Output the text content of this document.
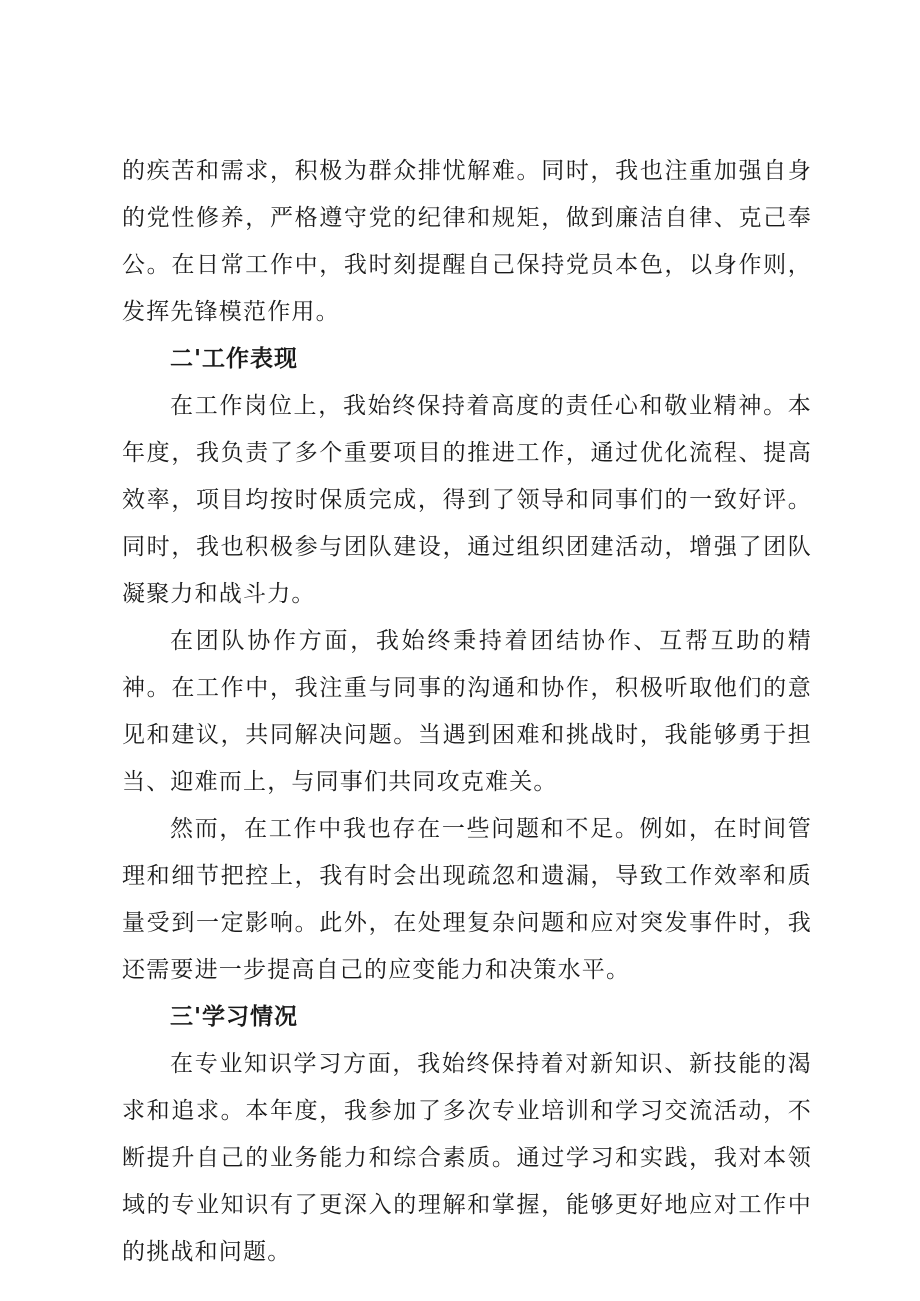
的疾苦和需求，积极为群众排忧解难。同时，我也注重加强自身的党性修养，严格遵守党的纪律和规矩，做到廉洁自律、克己奉公。在日常工作中，我时刻提醒自己保持党员本色，以身作则，发挥先锋模范作用。

二'工作表现

在工作岗位上，我始终保持着高度的责任心和敬业精神。本年度，我负责了多个重要项目的推进工作，通过优化流程、提高效率，项目均按时保质完成，得到了领导和同事们的一致好评。同时，我也积极参与团队建设，通过组织团建活动，增强了团队凝聚力和战斗力。

在团队协作方面，我始终秉持着团结协作、互帮互助的精神。在工作中，我注重与同事的沟通和协作，积极听取他们的意见和建议，共同解决问题。当遇到困难和挑战时，我能够勇于担当、迎难而上，与同事们共同攻克难关。

然而，在工作中我也存在一些问题和不足。例如，在时间管理和细节把控上，我有时会出现疏忽和遗漏，导致工作效率和质量受到一定影响。此外，在处理复杂问题和应对突发事件时，我还需要进一步提高自己的应变能力和决策水平。

三'学习情况

在专业知识学习方面，我始终保持着对新知识、新技能的渴求和追求。本年度，我参加了多次专业培训和学习交流活动，不断提升自己的业务能力和综合素质。通过学习和实践，我对本领域的专业知识有了更深入的理解和掌握，能够更好地应对工作中的挑战和问题。
